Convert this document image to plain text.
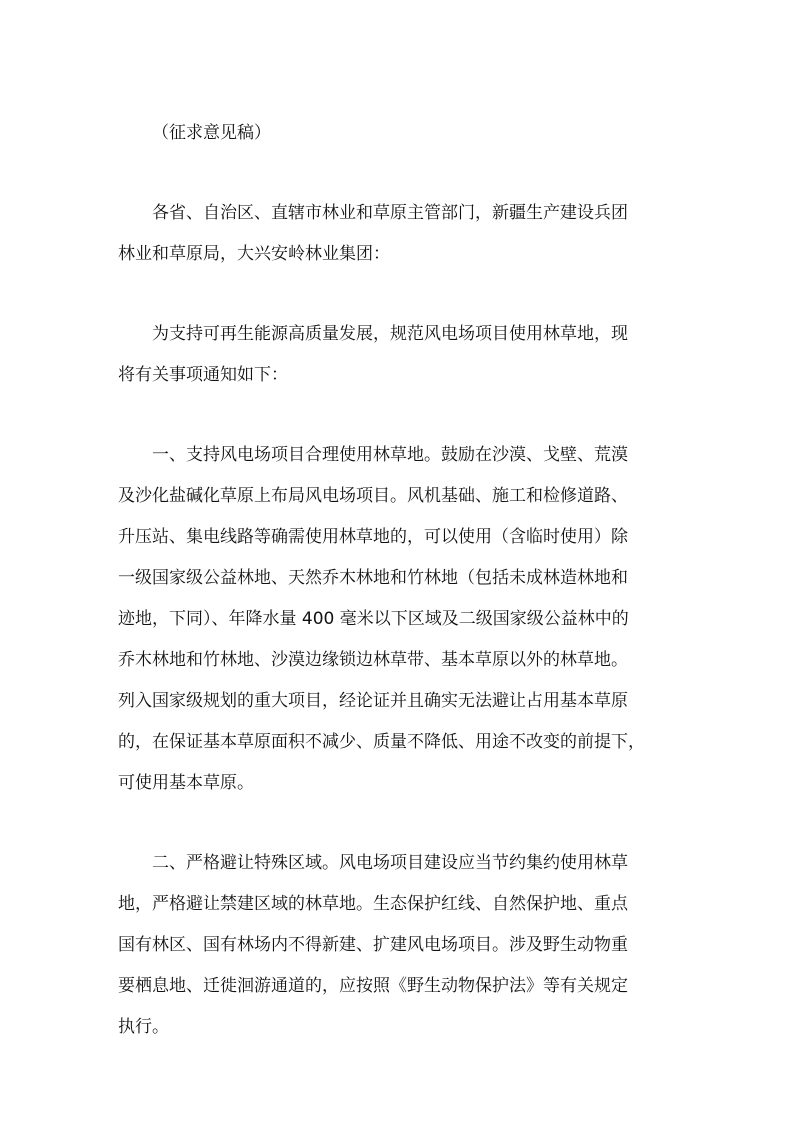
（征求意见稿）

各省、自治区、直辖市林业和草原主管部门，新疆生产建设兵团
林业和草原局，大兴安岭林业集团：

为支持可再生能源高质量发展，规范风电场项目使用林草地，现
将有关事项通知如下：

一、支持风电场项目合理使用林草地。鼓励在沙漠、戈壁、荒漠
及沙化盐碱化草原上布局风电场项目。风机基础、施工和检修道路、
升压站、集电线路等确需使用林草地的，可以使用（含临时使用）除
一级国家级公益林地、天然乔木林地和竹林地（包括未成林造林地和
迹地，下同）、年降水量 400 毫米以下区域及二级国家级公益林中的
乔木林地和竹林地、沙漠边缘锁边林草带、基本草原以外的林草地。
列入国家级规划的重大项目，经论证并且确实无法避让占用基本草原
的，在保证基本草原面积不减少、质量不降低、用途不改变的前提下，
可使用基本草原。

二、严格避让特殊区域。风电场项目建设应当节约集约使用林草
地，严格避让禁建区域的林草地。生态保护红线、自然保护地、重点
国有林区、国有林场内不得新建、扩建风电场项目。涉及野生动物重
要栖息地、迁徙洄游通道的，应按照《野生动物保护法》等有关规定
执行。
